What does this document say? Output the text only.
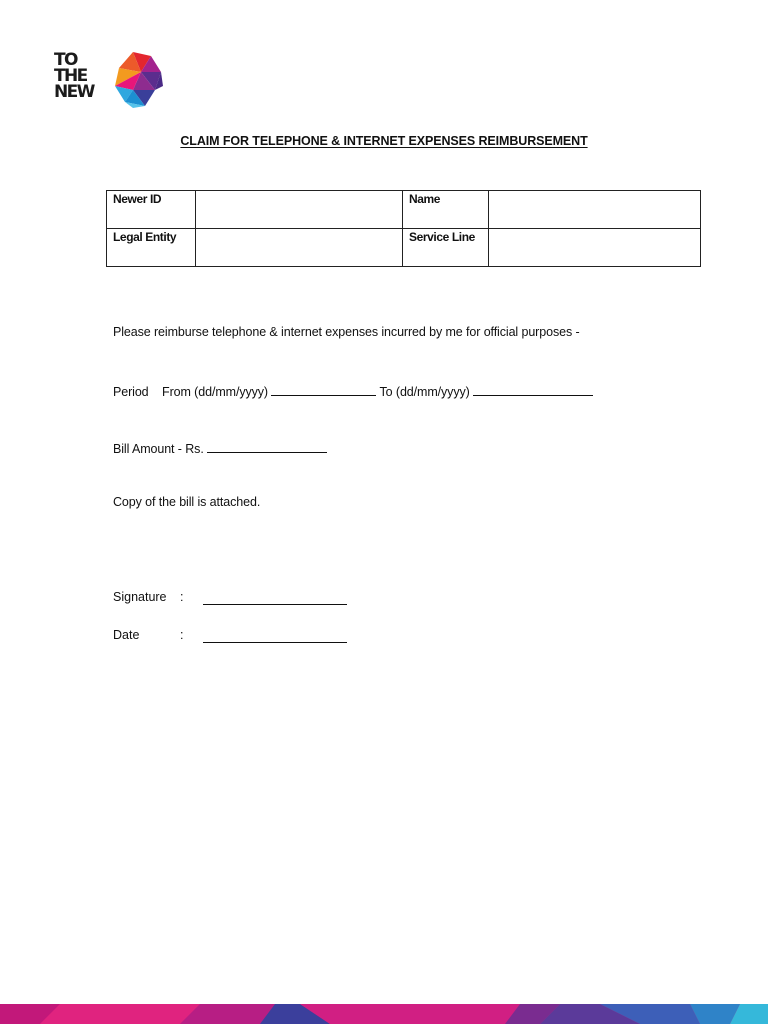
TO
THE
NEW
CLAIM FOR TELEPHONE & INTERNET EXPENSES REIMBURSEMENT
Newer ID		Name	
Legal Entity		Service Line	
Please reimburse telephone & internet expenses incurred by me for official purposes -
Period From (dd/mm/yyyy)	To (dd/mm/yyyy)
Bill Amount - Rs.
Copy of the bill is attached.
Signature :
Date	:
